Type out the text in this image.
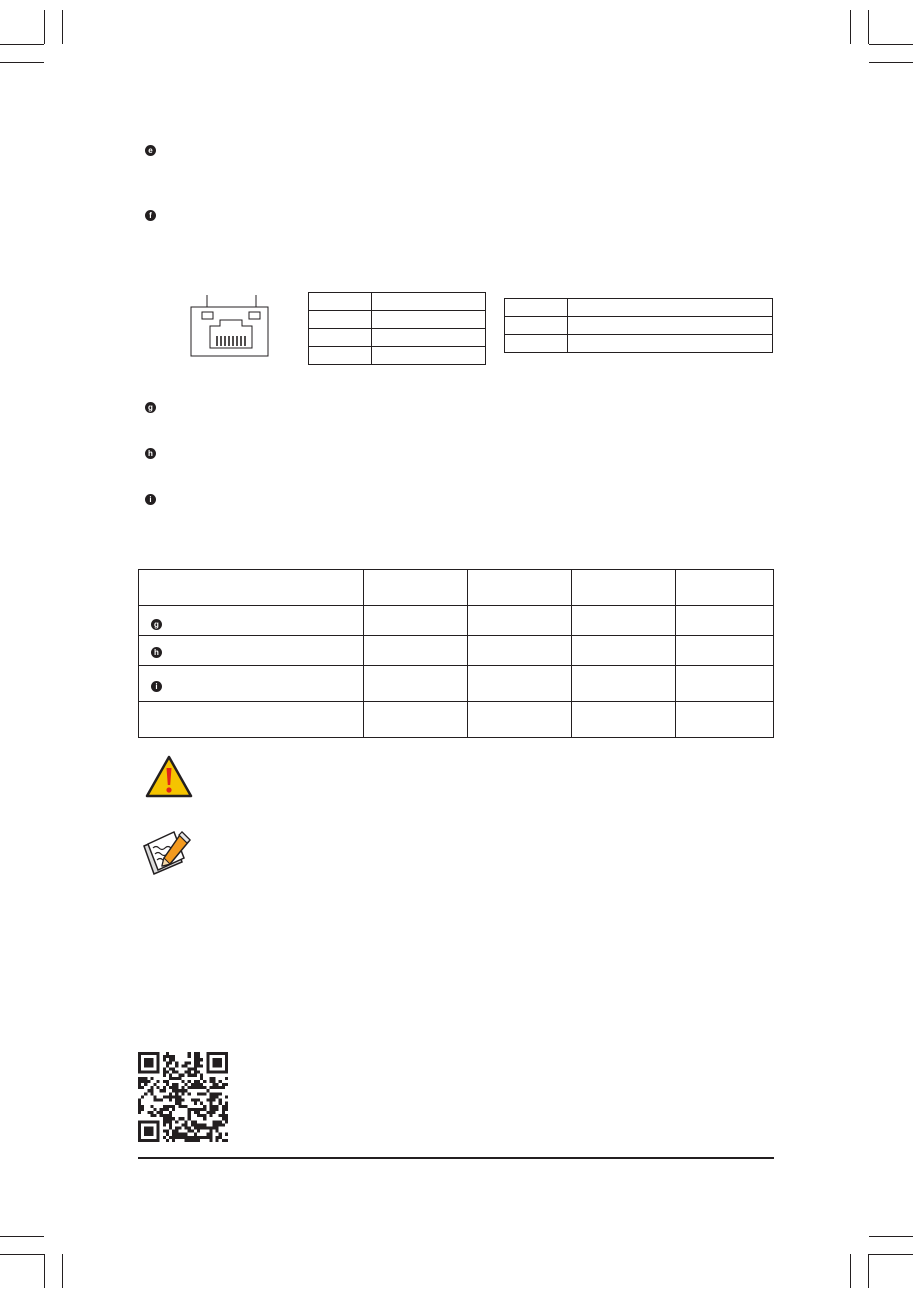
e
f

g
h
i

g				

h				

i				
